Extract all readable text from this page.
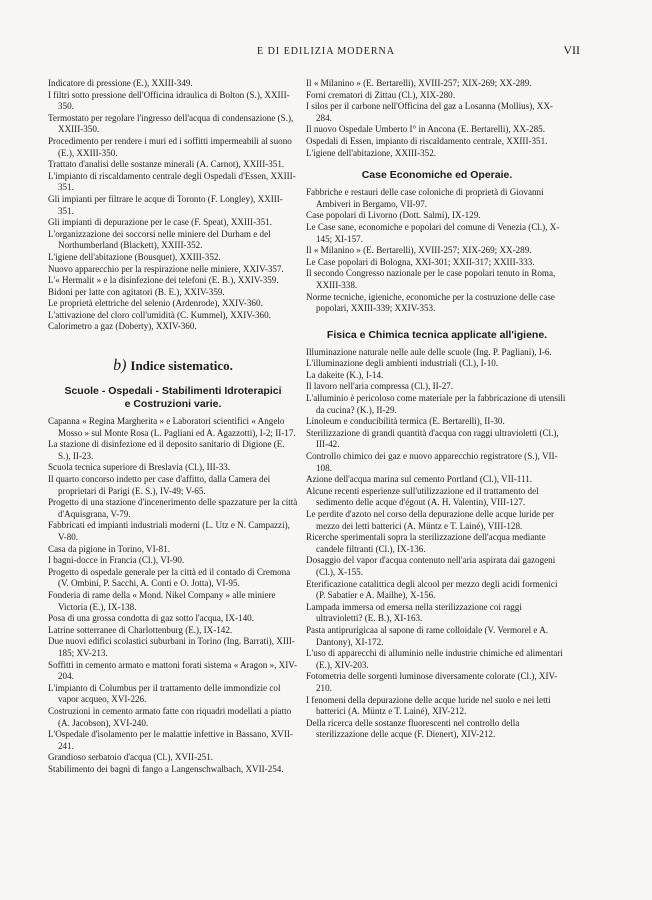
E DI EDILIZIA MODERNA	VII

Indicatore di pressione (E.), XXIII-349.

I filtri sotto pressione dell'Officina idraulica di Bolton (S.), XXIII-350.

Termostato per regolare l'ingresso dell'acqua di condensazione (S.), XXIII-350.

Procedimento per rendere i muri ed i soffitti impermeabili al suono (E.), XXIII-350.

Trattato d'analisi delle sostanze minerali (A. Carnot), XXIII-351.

L'impianto di riscaldamento centrale degli Ospedali d'Essen, XXIII-351.

Gli impianti per filtrare le acque di Toronto (F. Longley), XXIII-351.

Gli impianti di depurazione per le case (F. Speat), XXIII-351.

L'organizzazione dei soccorsi nelle miniere del Durham e del Northumberland (Blackett), XXIII-352.

L'igiene dell'abitazione (Bousquet), XXIII-352.

Nuovo apparecchio per la respirazione nelle miniere, XXIV-357.

L'« Hermalit » e la disinfezione dei telefoni (E. B.), XXIV-359.

Bidoni per latte con agitatori (B. E.), XXIV-359.

Le proprietà elettriche del selenio (Ardenrode), XXIV-360.

L'attivazione del cloro coll'umidità (C. Kummel), XXIV-360.

Calorimetro a gaz (Doberty), XXIV-360.

b) Indice sistematico.
Scuole - Ospedali - Stabilimenti Idroterapici
e Costruzioni varie.

Capanna « Regina Margherita » e Laboratori scientifici « Angelo Mosso » sul Monte Rosa (L. Pagliani ed A. Agazzotti), I-2; II-17.

La stazione di disinfezione ed il deposito sanitario di Digione (E. S.), II-23.

Scuola tecnica superiore di Breslavia (Cl.), III-33.

Il quarto concorso indetto per case d'affitto, dalla Camera dei proprietari di Parigi (E. S.), IV-49; V-65.

Progetto di una stazione d'incenerimento delle spazzature per la città d'Aquisgrana, V-79.

Fabbricati ed impianti industriali moderni (L. Utz e N. Campazzi), V-80.

Casa da pigione in Torino, VI-81.

I bagni-docce in Francia (Cl.), VI-90.

Progetto di ospedale generale per la città ed il contado di Cremona (V. Ombini, P. Sacchi, A. Conti e O. Jotta), VI-95.

Fonderia di rame della « Mond. Nikel Company » alle miniere Victoria (E.), IX-138.

Posa di una grossa condotta di gaz sotto l'acqua, IX-140.

Latrine sotterranee di Charlottenburg (E.), IX-142.

Due nuovi edifici scolastici suburbani in Torino (Ing. Barrati), XIII-185; XV-213.

Soffitti in cemento armato e mattoni forati sistema « Aragon », XIV-204.

L'impianto di Columbus per il trattamento delle immondizie col vapor acqueo, XVI-226.

Costruzioni in cemento armato fatte con riquadri modellati a piatto (A. Jacobson), XVI-240.

L'Ospedale d'isolamento per le malattie infettive in Bassano, XVII-241.

Grandioso serbatoio d'acqua (Cl.), XVII-251.

Stabilimento dei bagni di fango a Langenschwalbach, XVII-254.

Il « Milanino » (E. Bertarelli), XVIII-257; XIX-269; XX-289.

Forni crematori di Zittau (Cl.), XIX-280.

I silos per il carbone nell'Officina del gaz a Losanna (Mollius), XX-284.

Il nuovo Ospedale Umberto I° in Ancona (E. Bertarelli), XX-285.

Ospedali di Essen, impianto di riscaldamento centrale, XXIII-351.

L'igiene dell'abitazione, XXIII-352.

Case Economiche ed Operaie.

Fabbriche e restauri delle case coloniche di proprietà di Giovanni Ambiveri in Bergamo, VII-97.

Case popolari di Livorno (Dott. Salmi), IX-129.

Le Case sane, economiche e popolari del comune di Venezia (Cl.), X-145; XI-157.

Il « Milanino » (E. Bertarelli), XVIII-257; XIX-269; XX-289.

Le Case popolari di Bologna, XXI-301; XXII-317; XXIII-333.

Il secondo Congresso nazionale per le case popolari tenuto in Roma, XXIII-338.

Norme tecniche, igieniche, economiche per la costruzione delle case popolari, XXIII-339; XXIV-353.

Fisica e Chimica tecnica applicate all'igiene.

Illuminazione naturale nelle aule delle scuole (Ing. P. Pagliani), I-6.

L'illuminazione degli ambienti industriali (Cl.), I-10.

La dakeite (K.), I-14.

Il lavoro nell'aria compressa (Cl.), II-27.

L'alluminio è pericoloso come materiale per la fabbricazione di utensili da cucina? (K.), II-29.

Linoleum e conducibilità termica (E. Bertarelli), II-30.

Sterilizzazione di grandi quantità d'acqua con raggi ultravioletti (Cl.), III-42.

Controllo chimico dei gaz e nuovo apparecchio registratore (S.), VII-108.

Azione dell'acqua marina sul cemento Portland (Cl.), VII-111.

Alcune recenti esperienze sull'utilizzazione ed il trattamento del sedimento delle acque d'égout (A. H. Valentin), VIII-127.

Le perdite d'azoto nel corso della depurazione delle acque luride per mezzo dei letti batterici (A. Müntz e T. Lainé), VIII-128.

Ricerche sperimentali sopra la sterilizzazione dell'acqua mediante candele filtranti (Cl.), IX-136.

Dosaggio del vapor d'acqua contenuto nell'aria aspirata dai gazogeni (Cl.), X-155.

Eterificazione catalittica degli alcool per mezzo degli acidi formenici (P. Sabatier e A. Mailhe), X-156.

Lampada immersa od emersa nella sterilizzazione coi raggi ultravioletti? (E. B.), XI-163.

Pasta antiprurigicaa al sapone di rame colloidale (V. Vermorel e A. Dantony), XI-172.

L'uso di apparecchi di alluminio nelle industrie chimiche ed alimentari (E.), XIV-203.

Fotometria delle sorgenti luminose diversamente colorate (Cl.), XIV-210.

I fenomeni della depurazione delle acque luride nel suolo e nei letti batterici (A. Müntz e T. Lainé), XIV-212.

Della ricerca delle sostanze fluorescenti nel controllo della sterilizzazione delle acque (F. Dienert), XIV-212.
